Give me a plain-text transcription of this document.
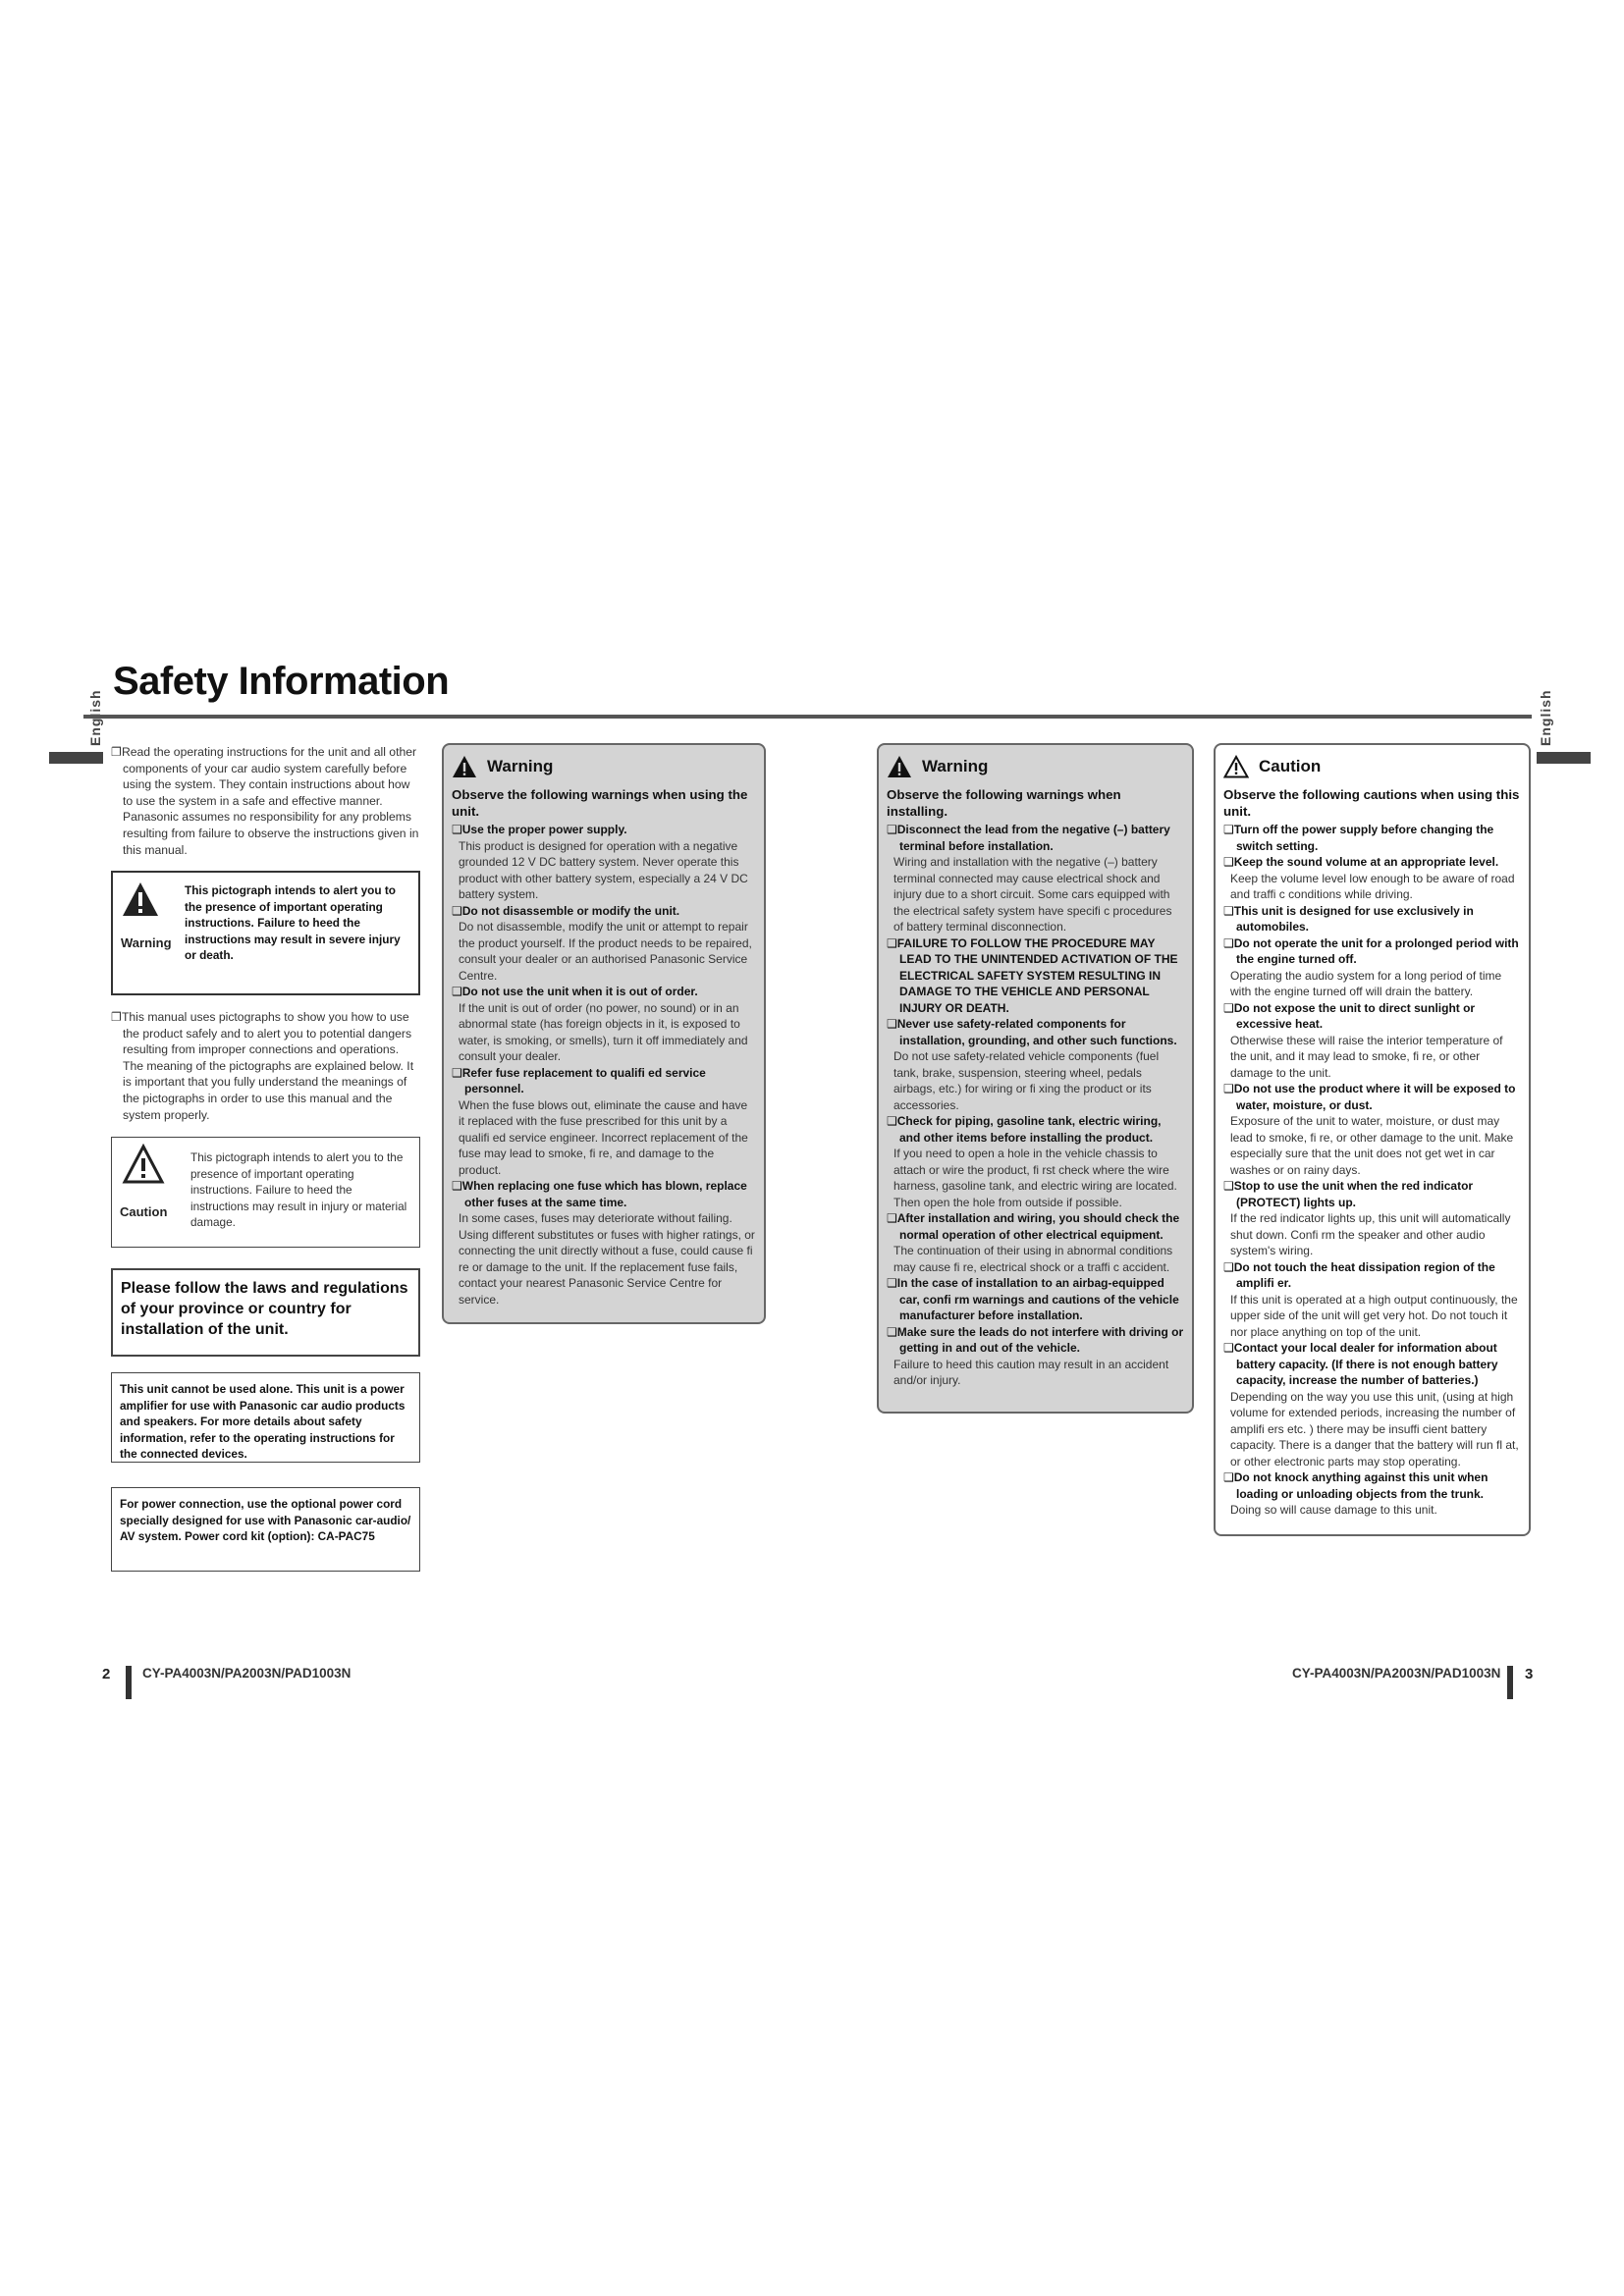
English
Safety Information

❐Read the operating instructions for the unit and all other components of your car audio system carefully before using the system. They contain instructions about how to use the system in a safe and effective manner. Panasonic assumes no responsibility for any problems resulting from failure to observe the instructions given in this manual.

Warning
This pictograph intends to alert you to the presence of important operating instructions. Failure to heed the instructions may result in severe injury or death.

❐This manual uses pictographs to show you how to use the product safely and to alert you to potential dangers resulting from improper connections and operations. The meaning of the pictographs are explained below. It is important that you fully understand the meanings of the pictographs in order to use this manual and the system properly.

Caution
This pictograph intends to alert you to the presence of important operating instructions. Failure to heed the instructions may result in injury or material damage.
Please follow the laws and regulations of your province or country for installation of the unit.
This unit cannot be used alone. This unit is a power amplifier for use with Panasonic car audio products and speakers. For more details about safety information, refer to the operating instructions for the connected devices.
For power connection, use the optional power cord specially designed for use with Panasonic car-audio/ AV system. Power cord kit (option): CA-PAC75
Warning

Observe the following warnings when using the unit.

❑Use the proper power supply.

This product is designed for operation with a negative grounded 12 V DC battery system. Never operate this product with other battery system, especially a 24 V DC battery system.

❑Do not disassemble or modify the unit.

Do not disassemble, modify the unit or attempt to repair the product yourself. If the product needs to be repaired, consult your dealer or an authorised Panasonic Service Centre.

❑Do not use the unit when it is out of order.

If the unit is out of order (no power, no sound) or in an abnormal state (has foreign objects in it, is exposed to water, is smoking, or smells), turn it off immediately and consult your dealer.

❑Refer fuse replacement to qualifi ed service personnel.

When the fuse blows out, eliminate the cause and have it replaced with the fuse prescribed for this unit by a qualifi ed service engineer. Incorrect replacement of the fuse may lead to smoke, fi re, and damage to the product.

❑When replacing one fuse which has blown, replace other fuses at the same time.

In some cases, fuses may deteriorate without failing. Using different substitutes or fuses with higher ratings, or connecting the unit directly without a fuse, could cause fi re or damage to the unit. If the replacement fuse fails, contact your nearest Panasonic Service Centre for service.

Warning

Observe the following warnings when installing.

❑Disconnect the lead from the negative (–) battery terminal before installation.

Wiring and installation with the negative (–) battery terminal connected may cause electrical shock and injury due to a short circuit. Some cars equipped with the electrical safety system have specifi c procedures of battery terminal disconnection.

❑FAILURE TO FOLLOW THE PROCEDURE MAY LEAD TO THE UNINTENDED ACTIVATION OF THE ELECTRICAL SAFETY SYSTEM RESULTING IN DAMAGE TO THE VEHICLE AND PERSONAL INJURY OR DEATH.

❑Never use safety-related components for installation, grounding, and other such functions.

Do not use safety-related vehicle components (fuel tank, brake, suspension, steering wheel, pedals airbags, etc.) for wiring or fi xing the product or its accessories.

❑Check for piping, gasoline tank, electric wiring, and other items before installing the product.

If you need to open a hole in the vehicle chassis to attach or wire the product, fi rst check where the wire harness, gasoline tank, and electric wiring are located. Then open the hole from outside if possible.

❑After installation and wiring, you should check the normal operation of other electrical equipment.

The continuation of their using in abnormal conditions may cause fi re, electrical shock or a traffi c accident.

❑In the case of installation to an airbag-equipped car, confi rm warnings and cautions of the vehicle manufacturer before installation.

❑Make sure the leads do not interfere with driving or getting in and out of the vehicle.

Failure to heed this caution may result in an accident and/or injury.

Caution

Observe the following cautions when using this unit.

❑Turn off the power supply before changing the switch setting.

❑Keep the sound volume at an appropriate level.

Keep the volume level low enough to be aware of road and traffi c conditions while driving.

❑This unit is designed for use exclusively in automobiles.

❑Do not operate the unit for a prolonged period with the engine turned off.

Operating the audio system for a long period of time with the engine turned off will drain the battery.

❑Do not expose the unit to direct sunlight or excessive heat.

Otherwise these will raise the interior temperature of the unit, and it may lead to smoke, fi re, or other damage to the unit.

❑Do not use the product where it will be exposed to water, moisture, or dust.

Exposure of the unit to water, moisture, or dust may lead to smoke, fi re, or other damage to the unit. Make especially sure that the unit does not get wet in car washes or on rainy days.

❑Stop to use the unit when the red indicator (PROTECT) lights up.

If the red indicator lights up, this unit will automatically shut down. Confi rm the speaker and other audio system's wiring.

❑Do not touch the heat dissipation region of the amplifi er.

If this unit is operated at a high output continuously, the upper side of the unit will get very hot. Do not touch it nor place anything on top of the unit.

❑Contact your local dealer for information about battery capacity. (If there is not enough battery capacity, increase the number of batteries.)

Depending on the way you use this unit, (using at high volume for extended periods, increasing the number of amplifi ers etc. ) there may be insuffi cient battery capacity. There is a danger that the battery will run fl at, or other electronic parts may stop operating.

❑Do not knock anything against this unit when loading or unloading objects from the trunk.

Doing so will cause damage to this unit.

2 CY-PA4003N/PA2003N/PAD1003N	CY-PA4003N/PA2003N/PAD1003N 3
